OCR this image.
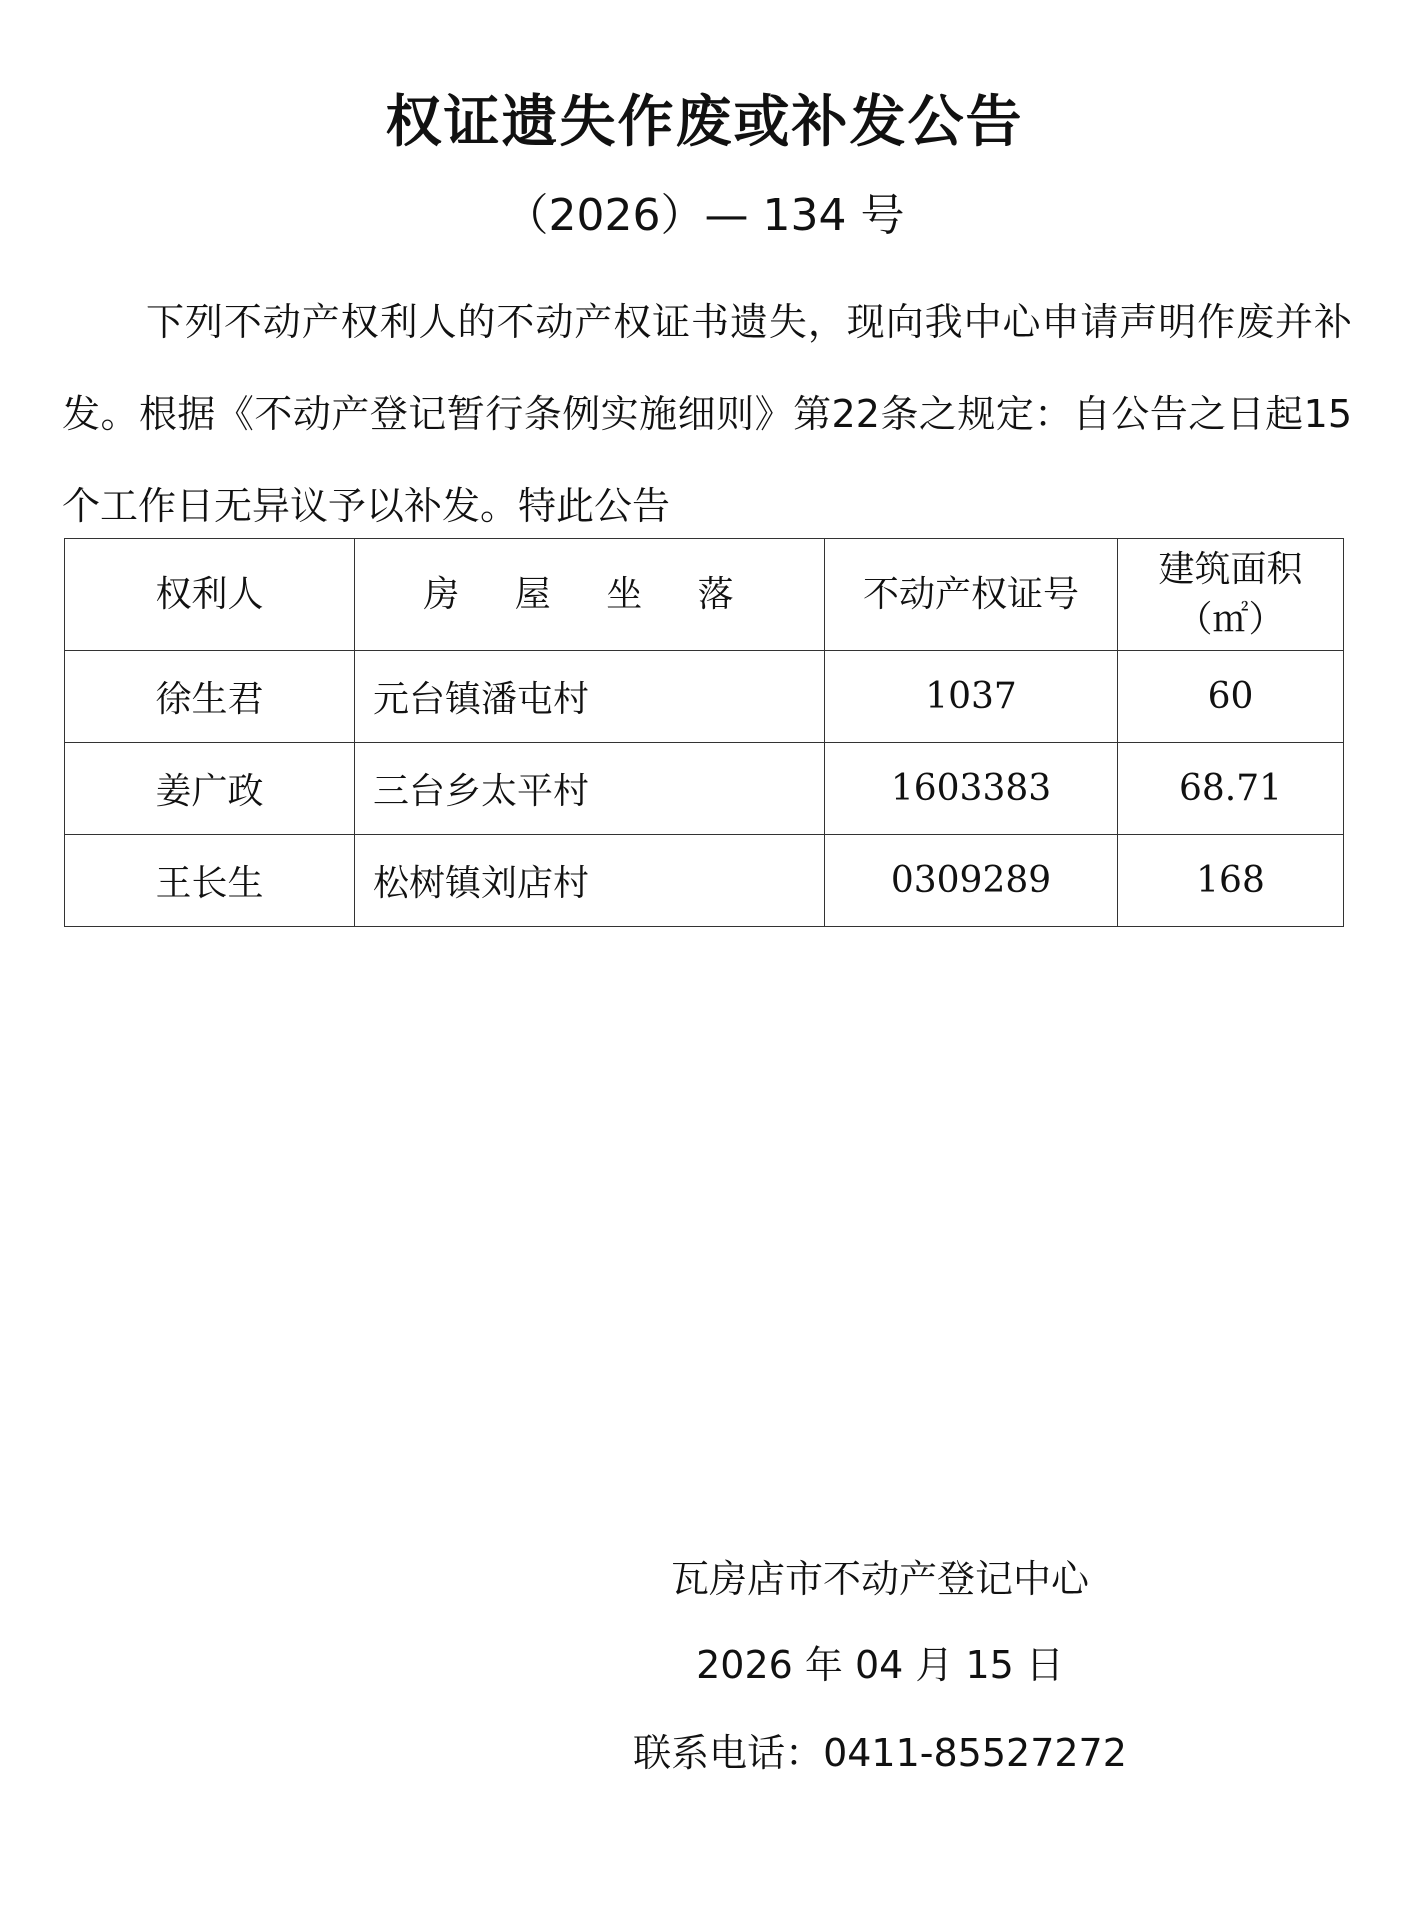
权证遗失作废或补发公告
（2026）— 134 号

下列不动产权利人的不动产权证书遗失，现向我中心申请声明作废并补发。根据《不动产登记暂行条例实施细则》第22条之规定：自公告之日起15个工作日无异议予以补发。特此公告

权利人	房 屋 坐 落	不动产权证号	建筑面积
（㎡）

徐生君	元台镇潘屯村	1037	60
姜广政	三台乡太平村	1603383	68.71
王长生	松树镇刘店村	0309289	168
瓦房店市不动产登记中心
2026 年 04 月 15 日
联系电话：0411-85527272
